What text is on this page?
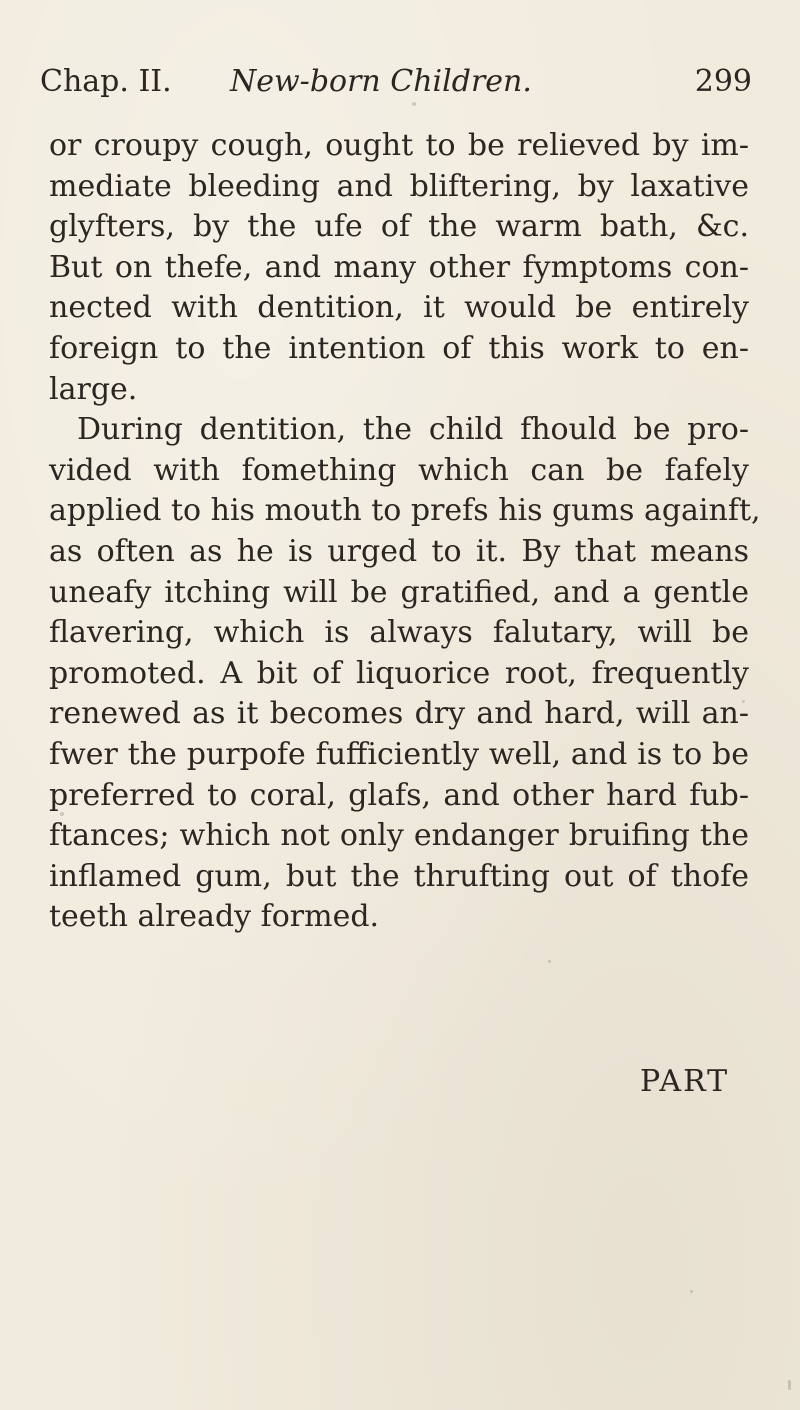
Chap. II. New-born Children.	299
or croupy cough, ought to be relieved by im-
mediate bleeding and bliftering, by laxative
glyfters, by the ufe of the warm bath, &c.
But on thefe, and many other fymptoms con-
nected with dentition, it would be entirely
foreign to the intention of this work to en-
large.
During dentition, the child fhould be pro-
vided with fomething which can be fafely
applied to his mouth to prefs his gums againft,
as often as he is urged to it. By that means
uneafy itching will be gratified, and a gentle
flavering, which is always falutary, will be
promoted. A bit of liquorice root, frequently
renewed as it becomes dry and hard, will an-
fwer the purpofe fufficiently well, and is to be
preferred to coral, glafs, and other hard fub-
ftances; which not only endanger bruifing the
inflamed gum, but the thrufting out of thofe
teeth already formed.
PART
